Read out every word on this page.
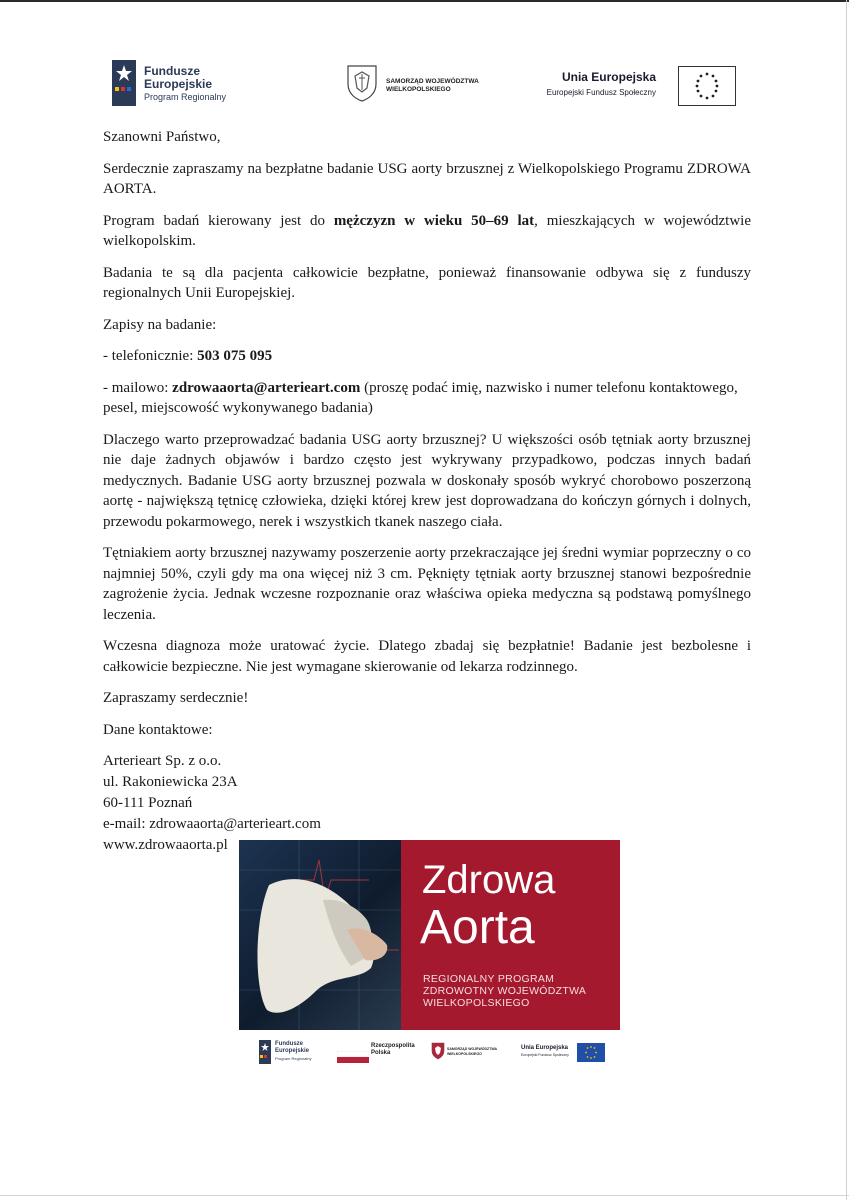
Fundusze
Europejskie
Program Regionalny
SAMORZĄD WOJEWÓDZTWA
WIELKOPOLSKIEGO
Unia Europejska
Europejski Fundusz Społeczny

Szanowni Państwo,

Serdecznie zapraszamy na bezpłatne badanie USG aorty brzusznej z Wielkopolskiego Programu ZDROWA AORTA.

Program badań kierowany jest do mężczyzn w wieku 50–69 lat, mieszkających w województwie wielkopolskim.

Badania te są dla pacjenta całkowicie bezpłatne, ponieważ finansowanie odbywa się z funduszy regionalnych Unii Europejskiej.

Zapisy na badanie:

- telefonicznie: 503 075 095

- mailowo: zdrowaaorta@arterieart.com (proszę podać imię, nazwisko i numer telefonu kontaktowego, pesel, miejscowość wykonywanego badania)

Dlaczego warto przeprowadzać badania USG aorty brzusznej? U większości osób tętniak aorty brzusznej nie daje żadnych objawów i bardzo często jest wykrywany przypadkowo, podczas innych badań medycznych. Badanie USG aorty brzusznej pozwala w doskonały sposób wykryć chorobowo poszerzoną aortę - największą tętnicę człowieka, dzięki której krew jest doprowadzana do kończyn górnych i dolnych, przewodu pokarmowego, nerek i wszystkich tkanek naszego ciała.

Tętniakiem aorty brzusznej nazywamy poszerzenie aorty przekraczające jej średni wymiar poprzeczny o co najmniej 50%, czyli gdy ma ona więcej niż 3 cm. Pęknięty tętniak aorty brzusznej stanowi bezpośrednie zagrożenie życia. Jednak wczesne rozpoznanie oraz właściwa opieka medyczna są podstawą pomyślnego leczenia.

Wczesna diagnoza może uratować życie. Dlatego zbadaj się bezpłatnie! Badanie jest bezbolesne i całkowicie bezpieczne. Nie jest wymagane skierowanie od lekarza rodzinnego.

Zapraszamy serdecznie!

Dane kontaktowe:

Arterieart Sp. z o.o.
ul. Rakoniewicka 23A
60-111 Poznań
e-mail: zdrowaaorta@arterieart.com
www.zdrowaaorta.pl
Zdrowa
Aorta
REGIONALNY PROGRAM
ZDROWOTNY WOJEWÓDZTWA
WIELKOPOLSKIEGO
Fundusze
Europejskie
Program Regionalny
Rzeczpospolita
Polska
SAMORZĄD WOJEWÓDZTWA
WIELKOPOLSKIEGO
Unia Europejska
Europejski Fundusz Społeczny
